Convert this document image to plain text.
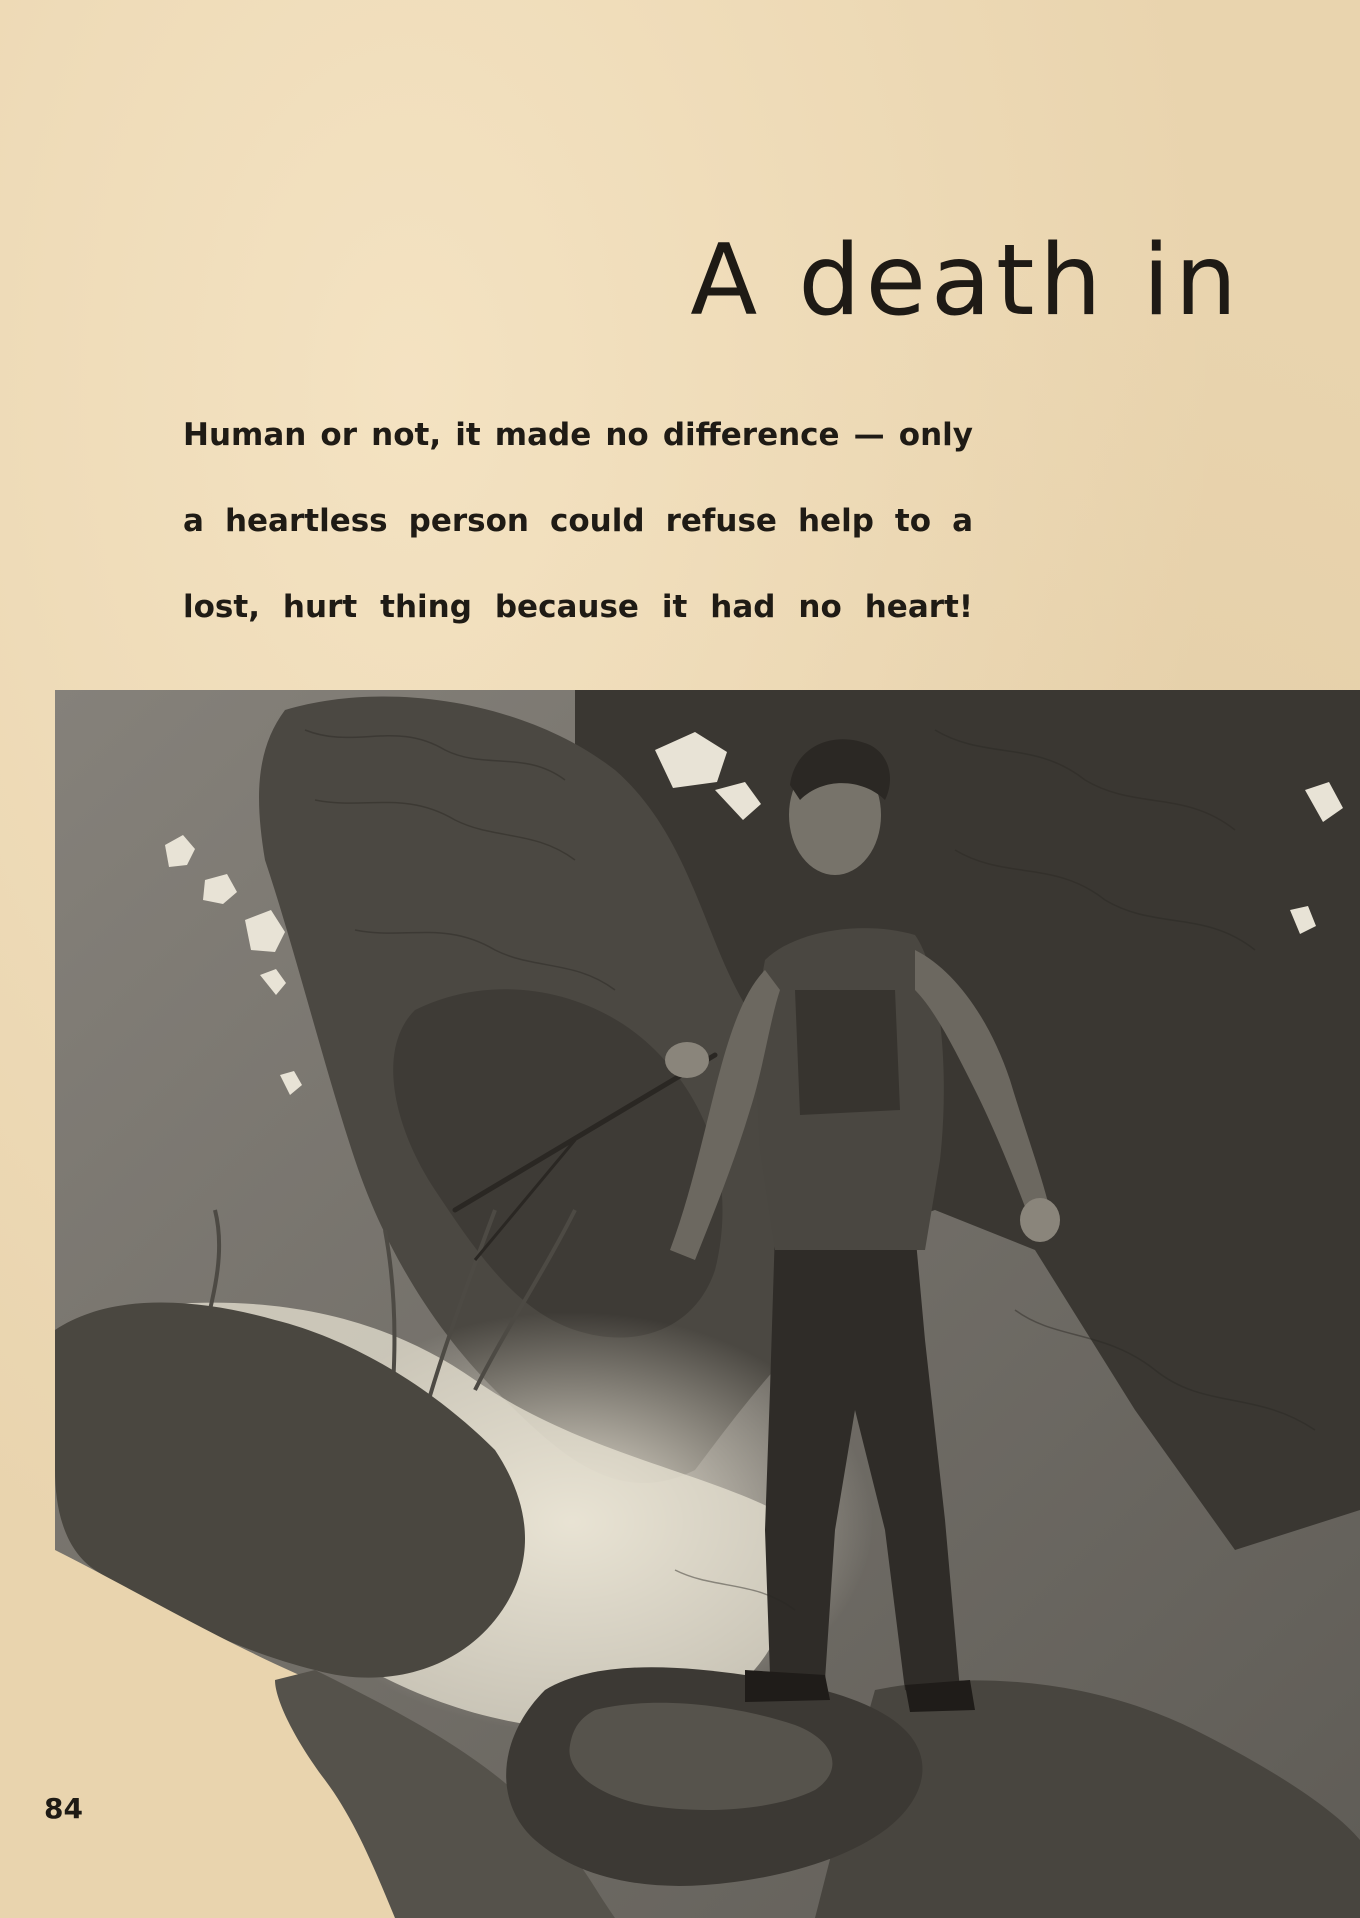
A death in
Human or not, it made no difference — only
a heartless person could refuse help to a
lost, hurt thing because it had no heart!
84
